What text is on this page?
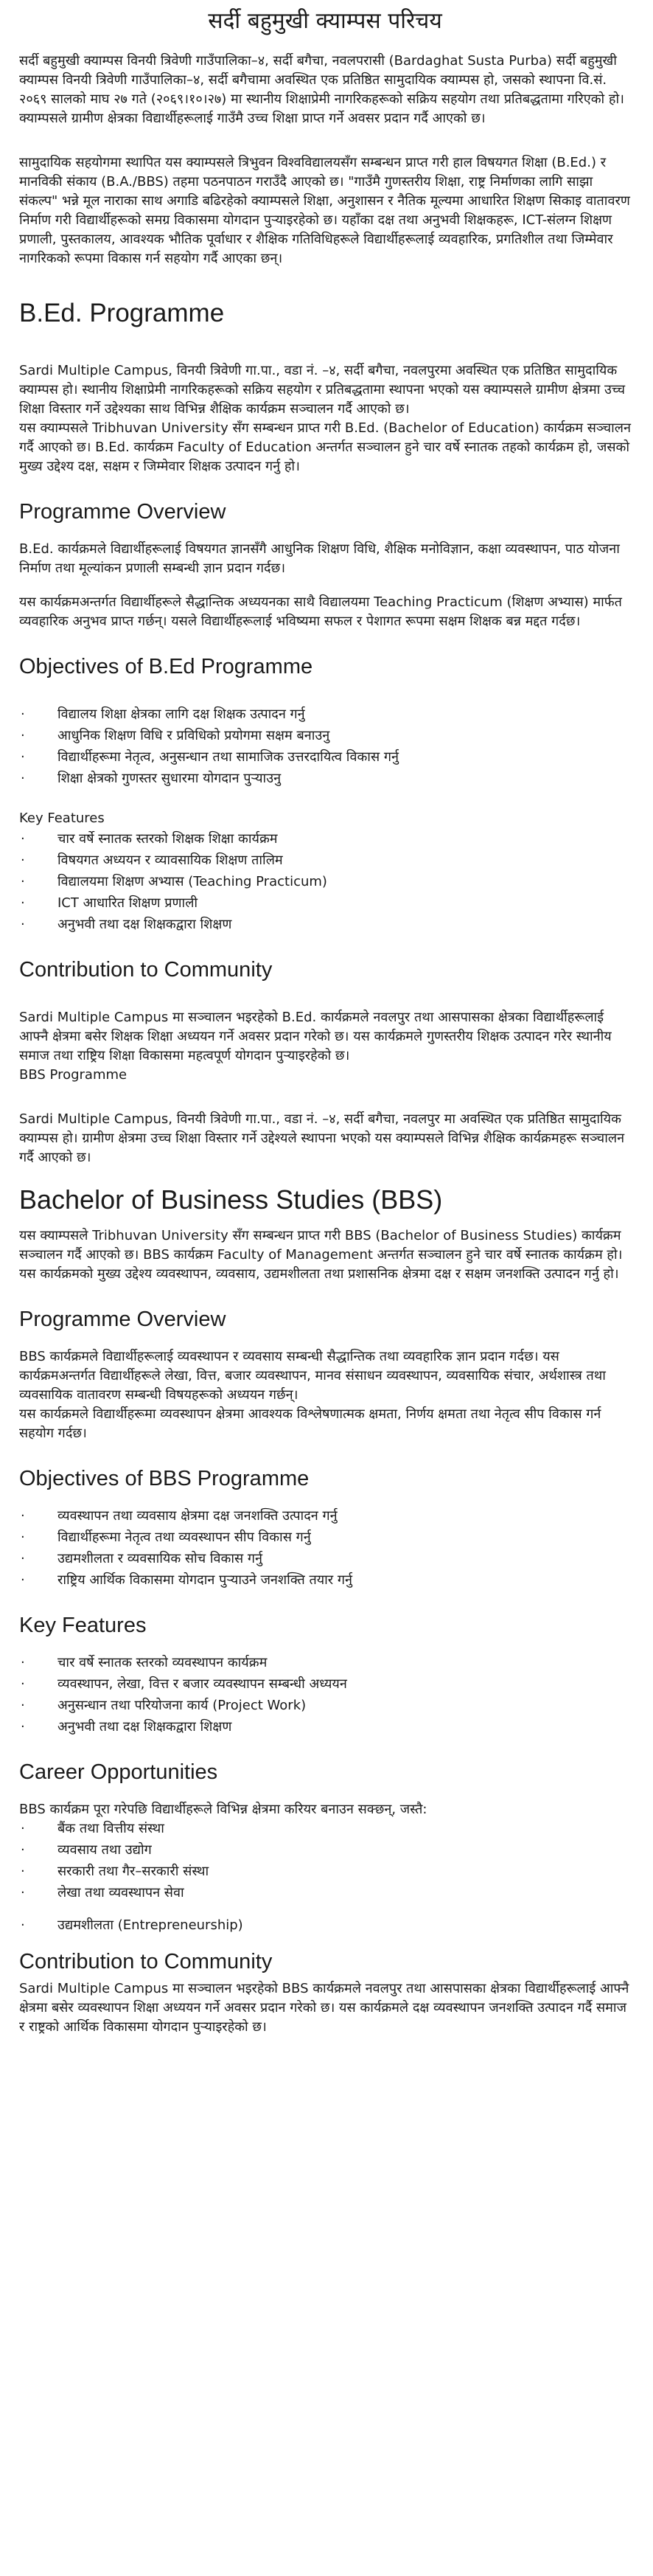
सर्दी बहुमुखी क्याम्पस परिचय

सर्दी बहुमुखी क्याम्पस विनयी त्रिवेणी गाउँपालिका–४, सर्दी बगैचा, नवलपरासी (Bardaghat Susta Purba) सर्दी बहुमुखी क्याम्पस विनयी त्रिवेणी गाउँपालिका–४, सर्दी बगैचामा अवस्थित एक प्रतिष्ठित सामुदायिक क्याम्पस हो, जसको स्थापना वि.सं. २०६९ सालको माघ २७ गते (२०६९।१०।२७) मा स्थानीय शिक्षाप्रेमी नागरिकहरूको सक्रिय सहयोग तथा प्रतिबद्धतामा गरिएको हो। क्याम्पसले ग्रामीण क्षेत्रका विद्यार्थीहरूलाई गाउँमै उच्च शिक्षा प्राप्त गर्ने अवसर प्रदान गर्दै आएको छ।

सामुदायिक सहयोगमा स्थापित यस क्याम्पसले त्रिभुवन विश्वविद्यालयसँग सम्बन्धन प्राप्त गरी हाल विषयगत शिक्षा (B.Ed.) र मानविकी संकाय (B.A./BBS) तहमा पठनपाठन गराउँदै आएको छ। "गाउँमै गुणस्तरीय शिक्षा, राष्ट्र निर्माणका लागि साझा संकल्प" भन्ने मूल नाराका साथ अगाडि बढिरहेको क्याम्पसले शिक्षा, अनुशासन र नैतिक मूल्यमा आधारित शिक्षण सिकाइ वातावरण निर्माण गरी विद्यार्थीहरूको समग्र विकासमा योगदान पुऱ्याइरहेको छ। यहाँका दक्ष तथा अनुभवी शिक्षकहरू, ICT-संलग्न शिक्षण प्रणाली, पुस्तकालय, आवश्यक भौतिक पूर्वाधार र शैक्षिक गतिविधिहरूले विद्यार्थीहरूलाई व्यवहारिक, प्रगतिशील तथा जिम्मेवार नागरिकको रूपमा विकास गर्न सहयोग गर्दै आएका छन्।

B.Ed. Programme

Sardi Multiple Campus, विनयी त्रिवेणी गा.पा., वडा नं. –४, सर्दी बगैचा, नवलपुरमा अवस्थित एक प्रतिष्ठित सामुदायिक क्याम्पस हो। स्थानीय शिक्षाप्रेमी नागरिकहरूको सक्रिय सहयोग र प्रतिबद्धतामा स्थापना भएको यस क्याम्पसले ग्रामीण क्षेत्रमा उच्च शिक्षा विस्तार गर्ने उद्देश्यका साथ विभिन्न शैक्षिक कार्यक्रम सञ्चालन गर्दै आएको छ।

यस क्याम्पसले Tribhuvan University सँग सम्बन्धन प्राप्त गरी B.Ed. (Bachelor of Education) कार्यक्रम सञ्चालन गर्दै आएको छ। B.Ed. कार्यक्रम Faculty of Education अन्तर्गत सञ्चालन हुने चार वर्षे स्नातक तहको कार्यक्रम हो, जसको मुख्य उद्देश्य दक्ष, सक्षम र जिम्मेवार शिक्षक उत्पादन गर्नु हो।

Programme Overview

B.Ed. कार्यक्रमले विद्यार्थीहरूलाई विषयगत ज्ञानसँगै आधुनिक शिक्षण विधि, शैक्षिक मनोविज्ञान, कक्षा व्यवस्थापन, पाठ योजना निर्माण तथा मूल्यांकन प्रणाली सम्बन्धी ज्ञान प्रदान गर्दछ।

यस कार्यक्रमअन्तर्गत विद्यार्थीहरूले सैद्धान्तिक अध्ययनका साथै विद्यालयमा Teaching Practicum (शिक्षण अभ्यास) मार्फत व्यवहारिक अनुभव प्राप्त गर्छन्। यसले विद्यार्थीहरूलाई भविष्यमा सफल र पेशागत रूपमा सक्षम शिक्षक बन्न मद्दत गर्दछ।

Objectives of B.Ed Programme
· विद्यालय शिक्षा क्षेत्रका लागि दक्ष शिक्षक उत्पादन गर्नु
· आधुनिक शिक्षण विधि र प्रविधिको प्रयोगमा सक्षम बनाउनु
· विद्यार्थीहरूमा नेतृत्व, अनुसन्धान तथा सामाजिक उत्तरदायित्व विकास गर्नु
· शिक्षा क्षेत्रको गुणस्तर सुधारमा योगदान पुऱ्याउनु
Key Features
· चार वर्षे स्नातक स्तरको शिक्षक शिक्षा कार्यक्रम
· विषयगत अध्ययन र व्यावसायिक शिक्षण तालिम
· विद्यालयमा शिक्षण अभ्यास (Teaching Practicum)
· ICT आधारित शिक्षण प्रणाली
· अनुभवी तथा दक्ष शिक्षकद्वारा शिक्षण
Contribution to Community

Sardi Multiple Campus मा सञ्चालन भइरहेको B.Ed. कार्यक्रमले नवलपुर तथा आसपासका क्षेत्रका विद्यार्थीहरूलाई आफ्नै क्षेत्रमा बसेर शिक्षक शिक्षा अध्ययन गर्ने अवसर प्रदान गरेको छ। यस कार्यक्रमले गुणस्तरीय शिक्षक उत्पादन गरेर स्थानीय समाज तथा राष्ट्रिय शिक्षा विकासमा महत्वपूर्ण योगदान पुऱ्याइरहेको छ।

BBS Programme

Sardi Multiple Campus, विनयी त्रिवेणी गा.पा., वडा नं. –४, सर्दी बगैचा, नवलपुर मा अवस्थित एक प्रतिष्ठित सामुदायिक क्याम्पस हो। ग्रामीण क्षेत्रमा उच्च शिक्षा विस्तार गर्ने उद्देश्यले स्थापना भएको यस क्याम्पसले विभिन्न शैक्षिक कार्यक्रमहरू सञ्चालन गर्दै आएको छ।

Bachelor of Business Studies (BBS)

यस क्याम्पसले Tribhuvan University सँग सम्बन्धन प्राप्त गरी BBS (Bachelor of Business Studies) कार्यक्रम सञ्चालन गर्दै आएको छ। BBS कार्यक्रम Faculty of Management अन्तर्गत सञ्चालन हुने चार वर्षे स्नातक कार्यक्रम हो।

यस कार्यक्रमको मुख्य उद्देश्य व्यवस्थापन, व्यवसाय, उद्यमशीलता तथा प्रशासनिक क्षेत्रमा दक्ष र सक्षम जनशक्ति उत्पादन गर्नु हो।

Programme Overview

BBS कार्यक्रमले विद्यार्थीहरूलाई व्यवस्थापन र व्यवसाय सम्बन्धी सैद्धान्तिक तथा व्यवहारिक ज्ञान प्रदान गर्दछ। यस कार्यक्रमअन्तर्गत विद्यार्थीहरूले लेखा, वित्त, बजार व्यवस्थापन, मानव संसाधन व्यवस्थापन, व्यवसायिक संचार, अर्थशास्त्र तथा व्यवसायिक वातावरण सम्बन्धी विषयहरूको अध्ययन गर्छन्।

यस कार्यक्रमले विद्यार्थीहरूमा व्यवस्थापन क्षेत्रमा आवश्यक विश्लेषणात्मक क्षमता, निर्णय क्षमता तथा नेतृत्व सीप विकास गर्न सहयोग गर्दछ।

Objectives of BBS Programme
· व्यवस्थापन तथा व्यवसाय क्षेत्रमा दक्ष जनशक्ति उत्पादन गर्नु
· विद्यार्थीहरूमा नेतृत्व तथा व्यवस्थापन सीप विकास गर्नु
· उद्यमशीलता र व्यवसायिक सोच विकास गर्नु
· राष्ट्रिय आर्थिक विकासमा योगदान पुऱ्याउने जनशक्ति तयार गर्नु
Key Features
· चार वर्षे स्नातक स्तरको व्यवस्थापन कार्यक्रम
· व्यवस्थापन, लेखा, वित्त र बजार व्यवस्थापन सम्बन्धी अध्ययन
· अनुसन्धान तथा परियोजना कार्य (Project Work)
· अनुभवी तथा दक्ष शिक्षकद्वारा शिक्षण
Career Opportunities
BBS कार्यक्रम पूरा गरेपछि विद्यार्थीहरूले विभिन्न क्षेत्रमा करियर बनाउन सक्छन्, जस्तै:
· बैंक तथा वित्तीय संस्था
· व्यवसाय तथा उद्योग
· सरकारी तथा गैर–सरकारी संस्था
· लेखा तथा व्यवस्थापन सेवा
· उद्यमशीलता (Entrepreneurship)
Contribution to Community

Sardi Multiple Campus मा सञ्चालन भइरहेको BBS कार्यक्रमले नवलपुर तथा आसपासका क्षेत्रका विद्यार्थीहरूलाई आफ्नै क्षेत्रमा बसेर व्यवस्थापन शिक्षा अध्ययन गर्ने अवसर प्रदान गरेको छ। यस कार्यक्रमले दक्ष व्यवस्थापन जनशक्ति उत्पादन गर्दै समाज र राष्ट्रको आर्थिक विकासमा योगदान पुऱ्याइरहेको छ।
